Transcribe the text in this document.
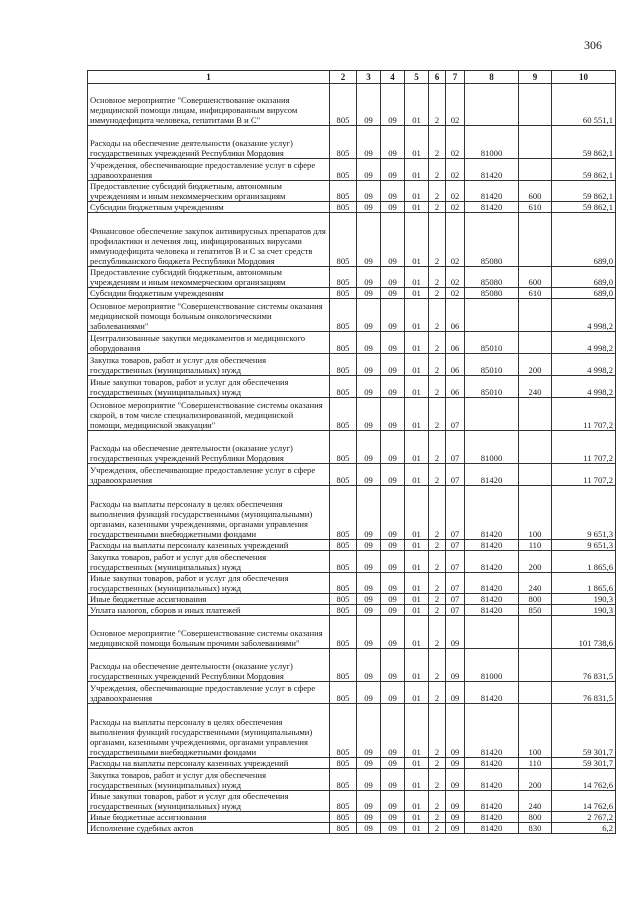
306
1	2	3	4	5	6	7	8	9	10
Основное мероприятие "Совершенствование оказания медицинской помощи лицам, инфицированным вирусом иммунодефицита человека, гепатитами В и С"	805	09	09	01	2	02			60 551,1
Расходы на обеспечение деятельности (оказание услуг) государственных учреждений Республики Мордовия	805	09	09	01	2	02	81000		59 862,1
Учреждения, обеспечивающие предоставление услуг в сфере здравоохранения	805	09	09	01	2	02	81420		59 862,1
Предоставление субсидий бюджетным, автономным учреждениям и иным некоммерческим организациям	805	09	09	01	2	02	81420	600	59 862,1
Субсидии бюджетным учреждениям	805	09	09	01	2	02	81420	610	59 862,1
Финансовое обеспечение закупок антивирусных препаратов для профилактики и лечения лиц, инфицированных вирусами иммунодефицита человека и гепатитов В и С за счет средств республиканского бюджета Республики Мордовия	805	09	09	01	2	02	85080		689,0
Предоставление субсидий бюджетным, автономным учреждениям и иным некоммерческим организациям	805	09	09	01	2	02	85080	600	689,0
Субсидии бюджетным учреждениям	805	09	09	01	2	02	85080	610	689,0
Основное мероприятие "Совершенствование системы оказания медицинской помощи больным онкологическими заболеваниями"	805	09	09	01	2	06			4 998,2
Централизованные закупки медикаментов и медицинского оборудования	805	09	09	01	2	06	85010		4 998,2
Закупка товаров, работ и услуг для обеспечения государственных (муниципальных) нужд	805	09	09	01	2	06	85010	200	4 998,2
Иные закупки товаров, работ и услуг для обеспечения государственных (муниципальных) нужд	805	09	09	01	2	06	85010	240	4 998,2
Основное мероприятие "Совершенствование системы оказания скорой, в том числе специализированной, медицинской помощи, медицинской эвакуации"	805	09	09	01	2	07			11 707,2
Расходы на обеспечение деятельности (оказание услуг) государственных учреждений Республики Мордовия	805	09	09	01	2	07	81000		11 707,2
Учреждения, обеспечивающие предоставление услуг в сфере здравоохранения	805	09	09	01	2	07	81420		11 707,2
Расходы на выплаты персоналу в целях обеспечения выполнения функций государственными (муниципальными) органами, казенными учреждениями, органами управления государственными внебюджетными фондами	805	09	09	01	2	07	81420	100	9 651,3
Расходы на выплаты персоналу казенных учреждений	805	09	09	01	2	07	81420	110	9 651,3
Закупка товаров, работ и услуг для обеспечения государственных (муниципальных) нужд	805	09	09	01	2	07	81420	200	1 865,6
Иные закупки товаров, работ и услуг для обеспечения государственных (муниципальных) нужд	805	09	09	01	2	07	81420	240	1 865,6
Иные бюджетные ассигнования	805	09	09	01	2	07	81420	800	190,3
Уплата налогов, сборов и иных платежей	805	09	09	01	2	07	81420	850	190,3
Основное мероприятие "Совершенствование системы оказания медицинской помощи больным прочими заболеваниями"	805	09	09	01	2	09			101 738,6
Расходы на обеспечение деятельности (оказание услуг) государственных учреждений Республики Мордовия	805	09	09	01	2	09	81000		76 831,5
Учреждения, обеспечивающие предоставление услуг в сфере здравоохранения	805	09	09	01	2	09	81420		76 831,5
Расходы на выплаты персоналу в целях обеспечения выполнения функций государственными (муниципальными) органами, казенными учреждениями, органами управления государственными внебюджетными фондами	805	09	09	01	2	09	81420	100	59 301,7
Расходы на выплаты персоналу казенных учреждений	805	09	09	01	2	09	81420	110	59 301,7
Закупка товаров, работ и услуг для обеспечения государственных (муниципальных) нужд	805	09	09	01	2	09	81420	200	14 762,6
Иные закупки товаров, работ и услуг для обеспечения государственных (муниципальных) нужд	805	09	09	01	2	09	81420	240	14 762,6
Иные бюджетные ассигнования	805	09	09	01	2	09	81420	800	2 767,2
Исполнение судебных актов	805	09	09	01	2	09	81420	830	6,2
